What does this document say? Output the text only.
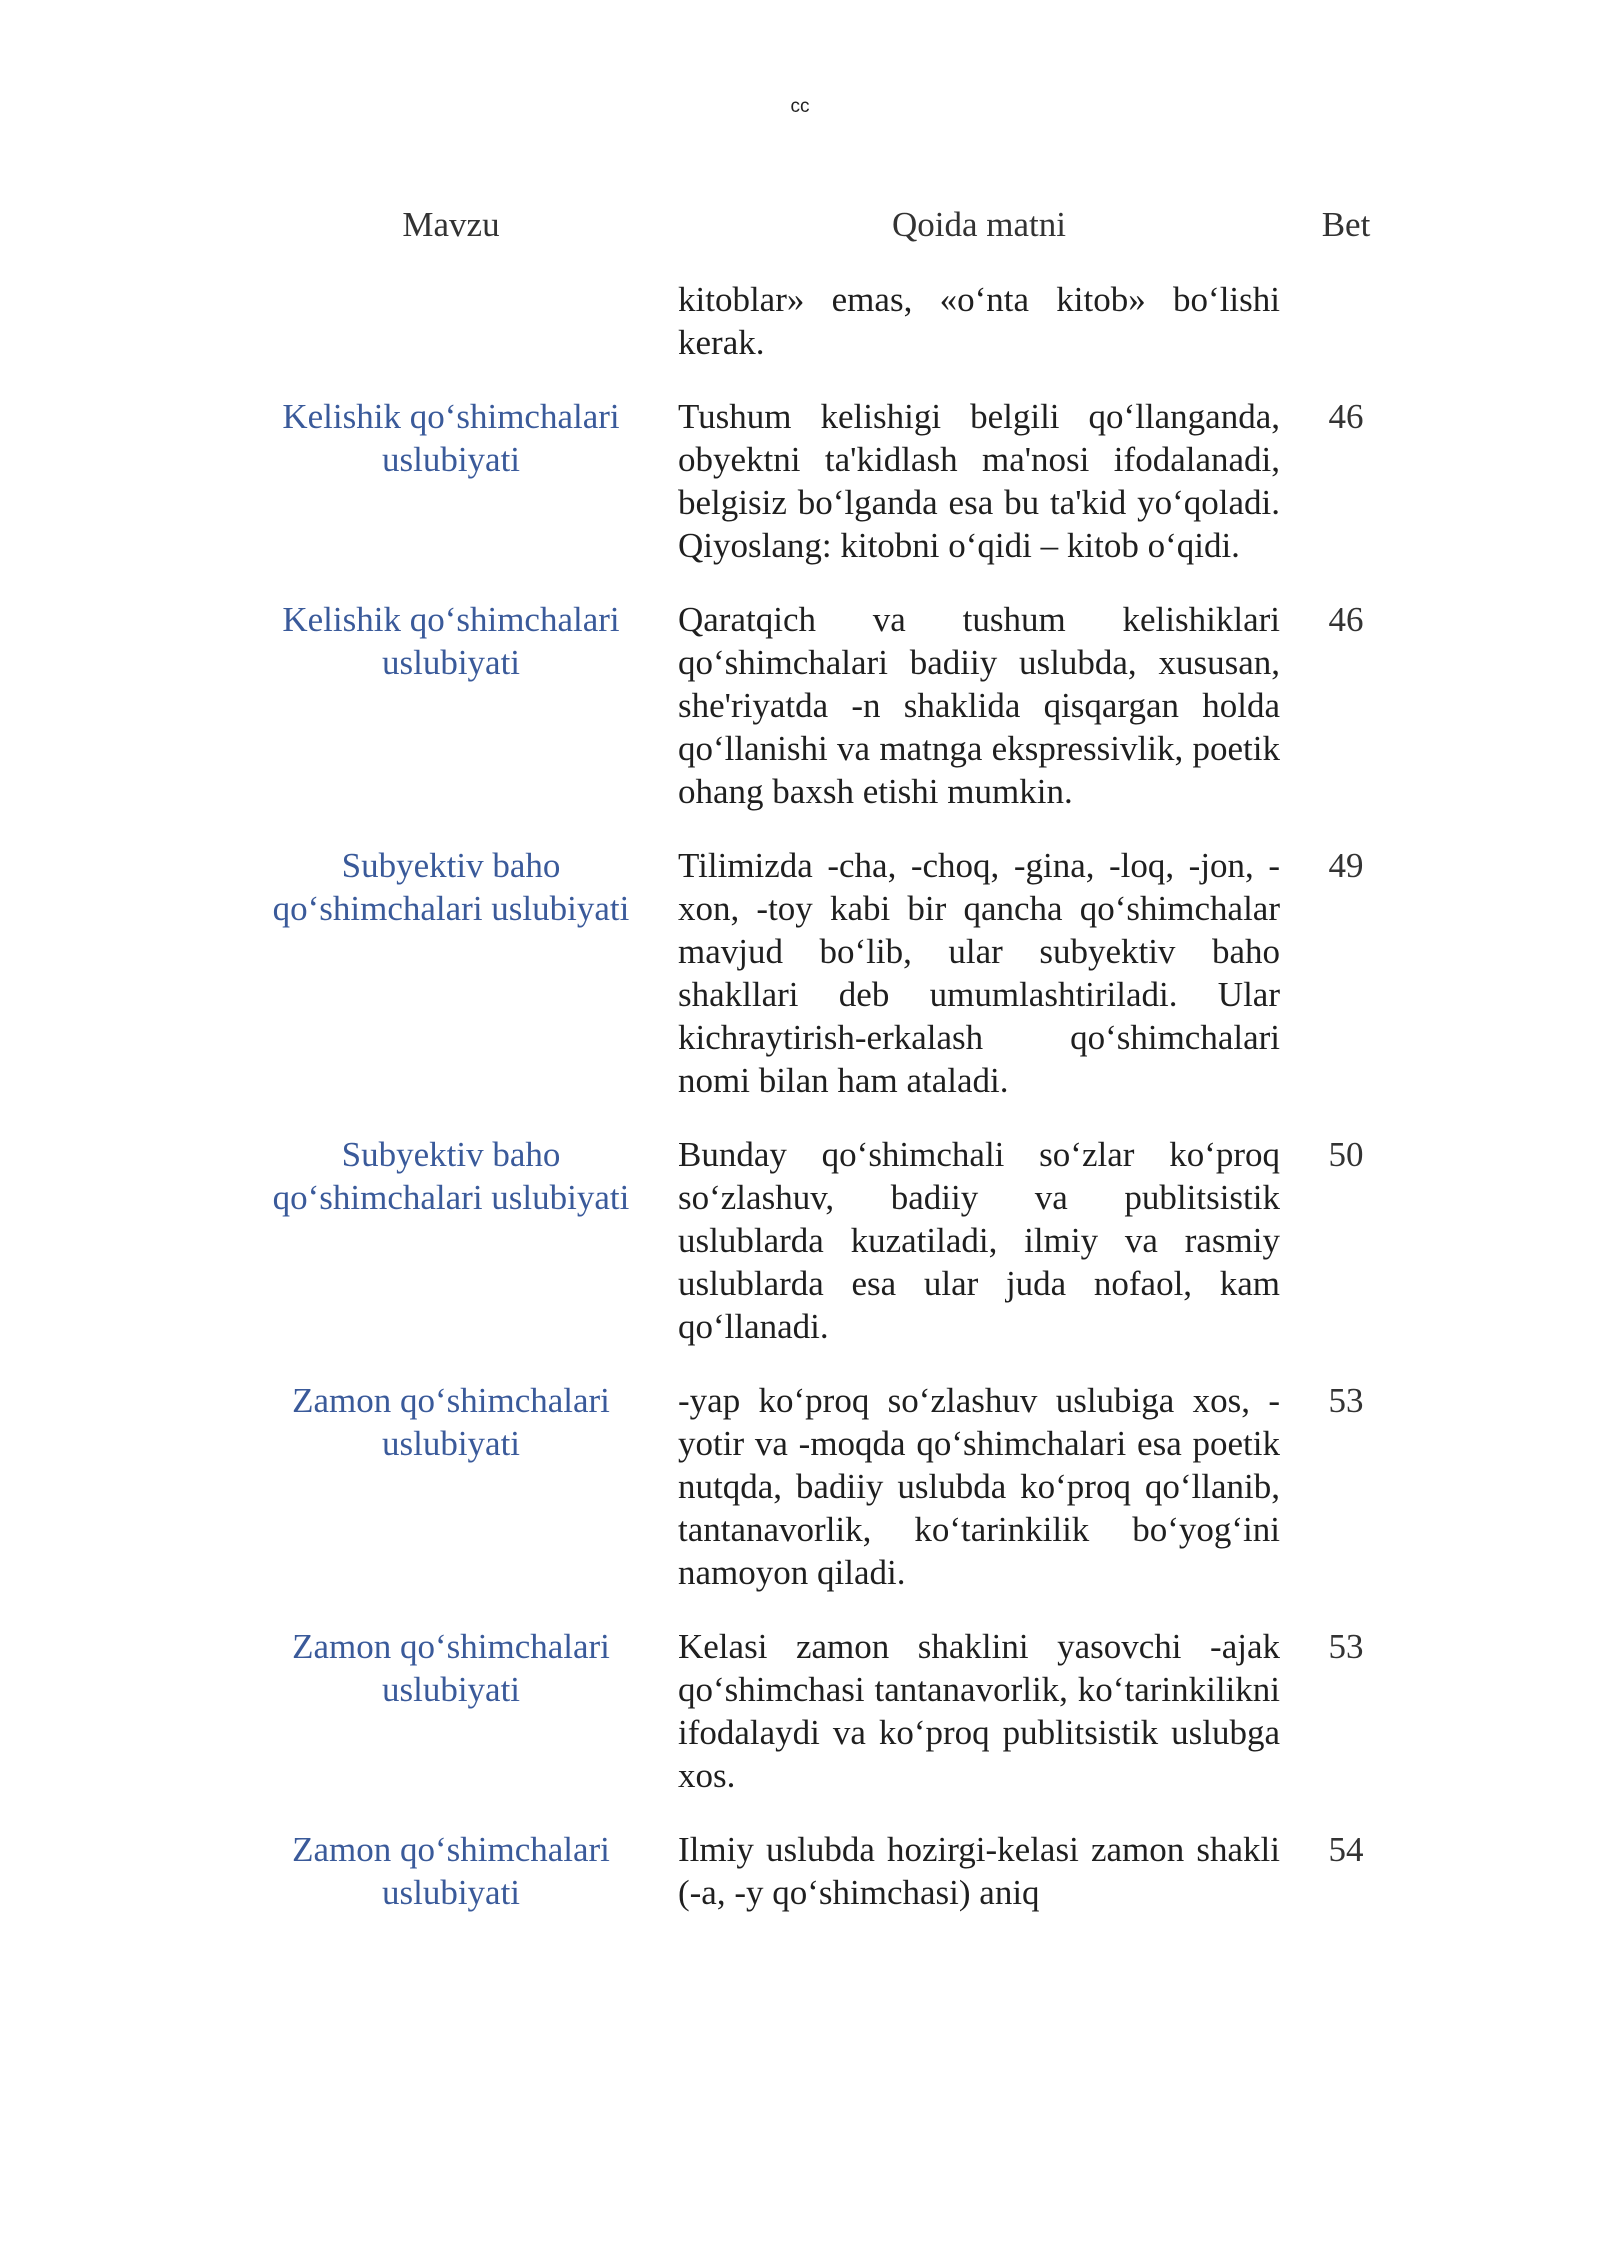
cc
Mavzu	Qoida matni	Bet
kitoblar» emas, «o‘nta kitob» bo‘lishi kerak.
Kelishik qo‘shimchalari uslubiyati
Tushum kelishigi belgili qo‘llanganda, obyektni ta'kidlash ma'nosi ifodalanadi, belgisiz bo‘lganda esa bu ta'kid yo‘qoladi. Qiyoslang: kitobni o‘qidi – kitob o‘qidi.
46
Kelishik qo‘shimchalari uslubiyati
Qaratqich va tushum kelishiklari qo‘shimchalari badiiy uslubda, xususan, she'riyatda -n shaklida qisqargan holda qo‘llanishi va matnga ekspressivlik, poetik ohang baxsh etishi mumkin.
46
Subyektiv baho qo‘shimchalari uslubiyati
Tilimizda -cha, -choq, -gina, -loq, -jon, -xon, -toy kabi bir qancha qo‘shimchalar mavjud bo‘lib, ular subyektiv baho shakllari deb umumlashtiriladi. Ular kichraytirish-erkalash qo‘shimchalari nomi bilan ham ataladi.
49
Subyektiv baho qo‘shimchalari uslubiyati
Bunday qo‘shimchali so‘zlar ko‘proq so‘zlashuv, badiiy va publitsistik uslublarda kuzatiladi, ilmiy va rasmiy uslublarda esa ular juda nofaol, kam qo‘llanadi.
50
Zamon qo‘shimchalari uslubiyati
-yap ko‘proq so‘zlashuv uslubiga xos, -yotir va -moqda qo‘shimchalari esa poetik nutqda, badiiy uslubda ko‘proq qo‘llanib, tantanavorlik, ko‘tarinkilik bo‘yog‘ini namoyon qiladi.
53
Zamon qo‘shimchalari uslubiyati
Kelasi zamon shaklini yasovchi -ajak qo‘shimchasi tantanavorlik, ko‘tarinkilikni ifodalaydi va ko‘proq publitsistik uslubga xos.
53
Zamon qo‘shimchalari uslubiyati
Ilmiy uslubda hozirgi-kelasi zamon shakli (-a, -y qo‘shimchasi) aniq
54
